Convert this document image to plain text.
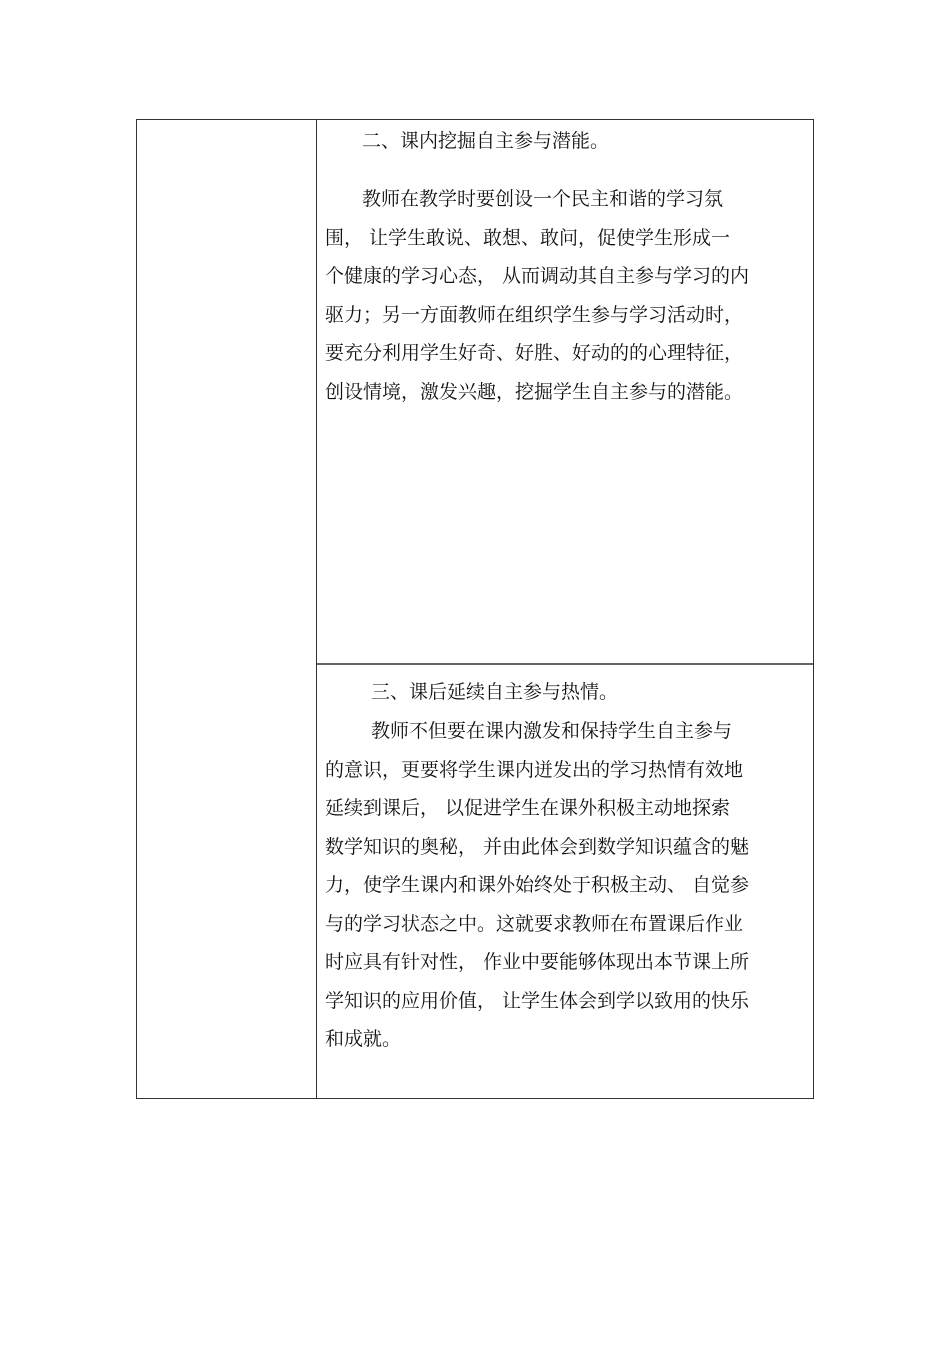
二、课内挖掘自主参与潜能。

教师在教学时要创设一个民主和谐的学习氛
围， 让学生敢说、敢想、敢问，促使学生形成一
个健康的学习心态， 从而调动其自主参与学习的内
驱力；另一方面教师在组织学生参与学习活动时，
要充分利用学生好奇、好胜、好动的的心理特征，
创设情境，激发兴趣，挖掘学生自主参与的潜能。

三、课后延续自主参与热情。

教师不但要在课内激发和保持学生自主参与
的意识，更要将学生课内迸发出的学习热情有效地
延续到课后， 以促进学生在课外积极主动地探索
数学知识的奥秘， 并由此体会到数学知识蕴含的魅
力，使学生课内和课外始终处于积极主动、 自觉参
与的学习状态之中。这就要求教师在布置课后作业
时应具有针对性， 作业中要能够体现出本节课上所
学知识的应用价值， 让学生体会到学以致用的快乐
和成就。
